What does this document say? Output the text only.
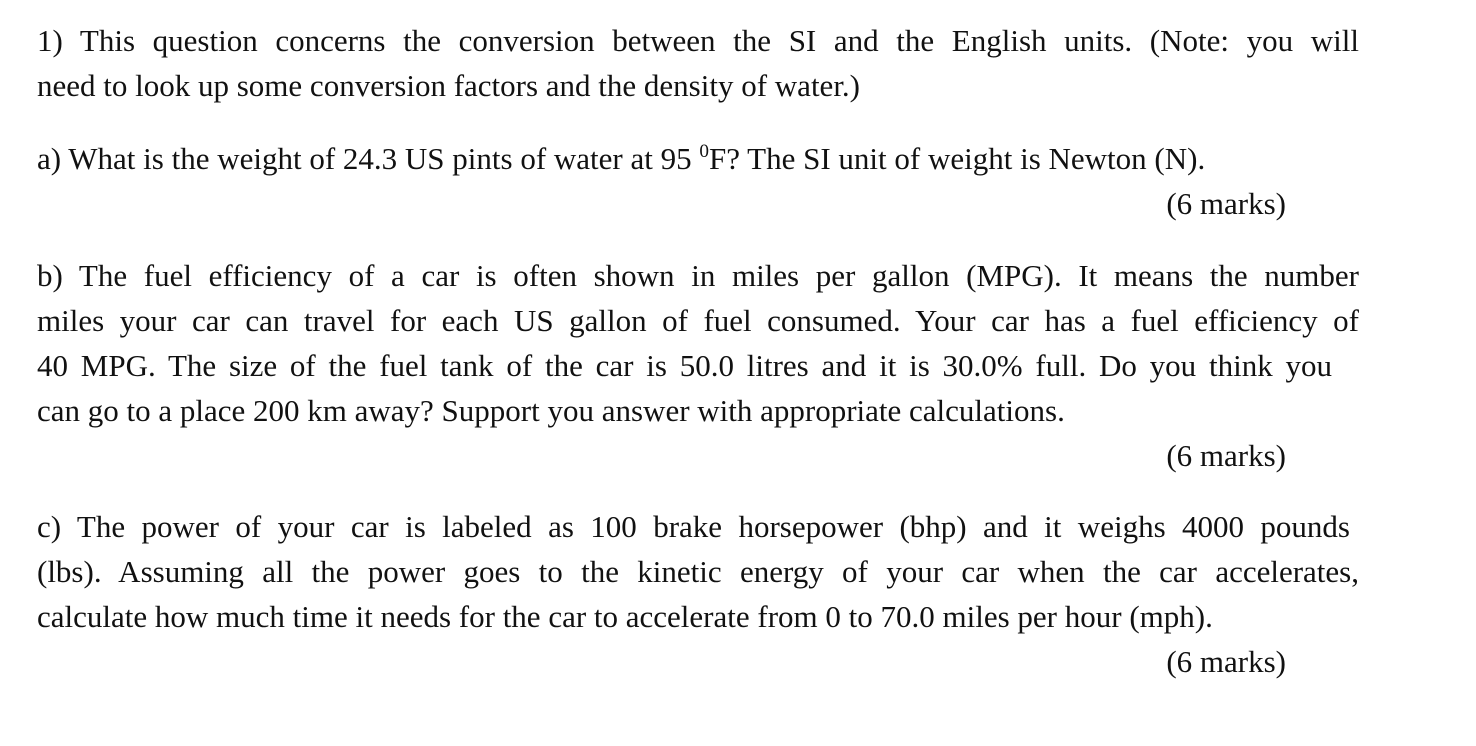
1) This question concerns the conversion between the SI and the English units. (Note: you will
need to look up some conversion factors and the density of water.)
a) What is the weight of 24.3 US pints of water at 95 $^0$F? The SI unit of weight is Newton (N).
(6 marks)
b) The fuel efficiency of a car is often shown in miles per gallon (MPG). It means the number
miles your car can travel for each US gallon of fuel consumed. Your car has a fuel efficiency of
40 MPG. The size of the fuel tank of the car is 50.0 litres and it is 30.0% full. Do you think you
can go to a place 200 km away? Support you answer with appropriate calculations.
(6 marks)
c) The power of your car is labeled as 100 brake horsepower (bhp) and it weighs 4000 pounds
(lbs). Assuming all the power goes to the kinetic energy of your car when the car accelerates,
calculate how much time it needs for the car to accelerate from 0 to 70.0 miles per hour (mph).
(6 marks)
